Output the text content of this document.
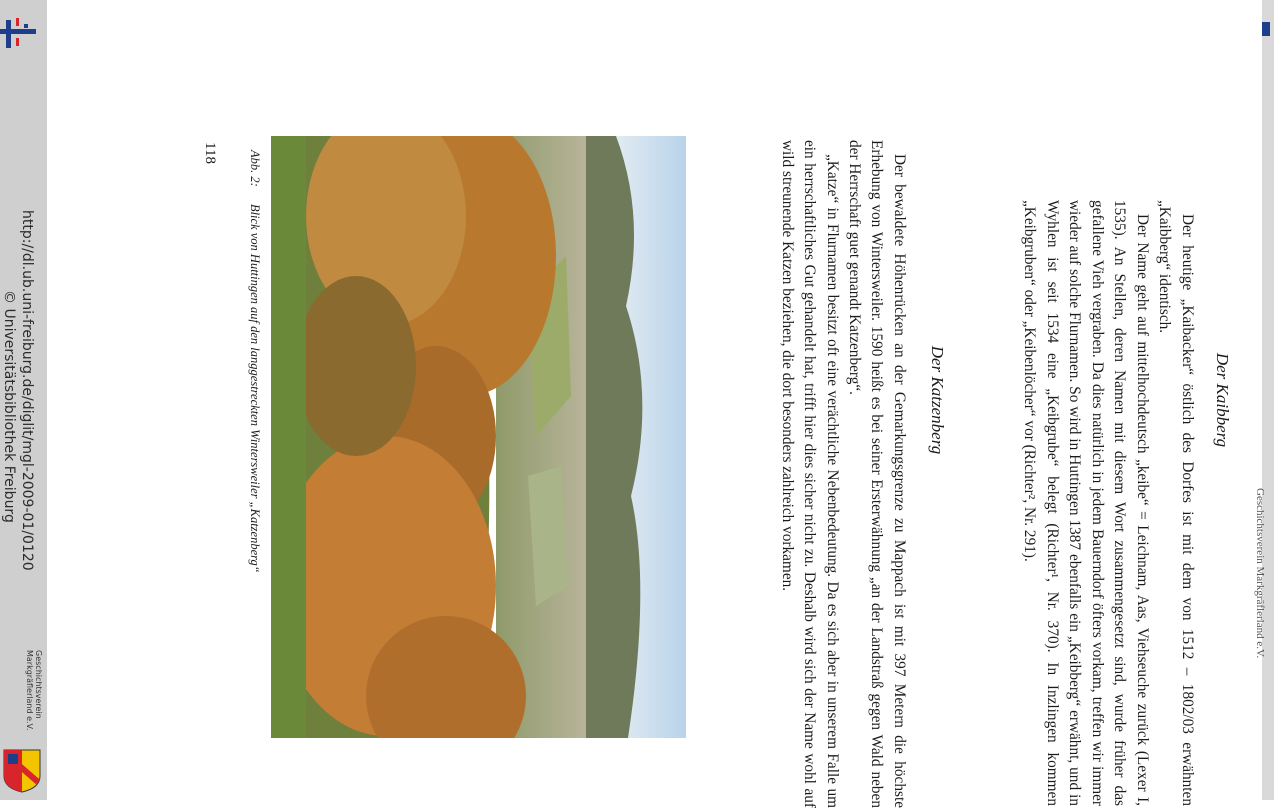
http://dl.ub.uni-freiburg.de/diglit/mgl-2009-01/0120
© Universitätsbibliothek Freiburg
Geschichtsverein
Markgräflerland e.V.
Geschichtsverein Markgräflerland e.V.
Der Kaibberg

Der heutige „Kaibacker“ östlich des Dorfes ist mit dem von 1512 – 1802/03 erwähnten „Kaibberg“ identisch.

Der Name geht auf mittelhochdeutsch „keibe“ = Leichnam, Aas, Viehseuche zurück (Lexer I, 1535). An Stellen, deren Namen mit diesem Wort zusammengesetzt sind, wurde früher das gefallene Vieh vergraben. Da dies natürlich in jedem Bauerndorf öfters vorkam, treffen wir immer wieder auf solche Flurnamen. So wird in Huttingen 1387 ebenfalls ein „Keibberg“ erwähnt, und in Wyhlen ist seit 1534 eine „Keibgrube“ belegt (Richter¹, Nr. 370). In Inzlingen kommen „Keibgruben“ oder „Keibenlöcher“ vor (Richter², Nr. 291).

Der Katzenberg

Der bewaldete Höhenrücken an der Gemarkungsgrenze zu Mappach ist mit 397 Metern die höchste Erhebung von Wintersweiler. 1590 heißt es bei seiner Ersterwähnung „an der Landstraß gegen Wald neben der Herrschaft guet genandt Katzenberg“.

„Katze“ in Flurnamen besitzt oft eine verächtliche Nebenbedeutung. Da es sich aber in unserem Falle um ein herrschaftliches Gut gehandelt hat, trifft hier dies sicher nicht zu. Deshalb wird sich der Name wohl auf wild streunende Katzen beziehen, die dort besonders zahlreich vorkamen.

Abb. 2: Blick von Huttingen auf den langgestreckten Wintersweiler „Katzenberg“
118
